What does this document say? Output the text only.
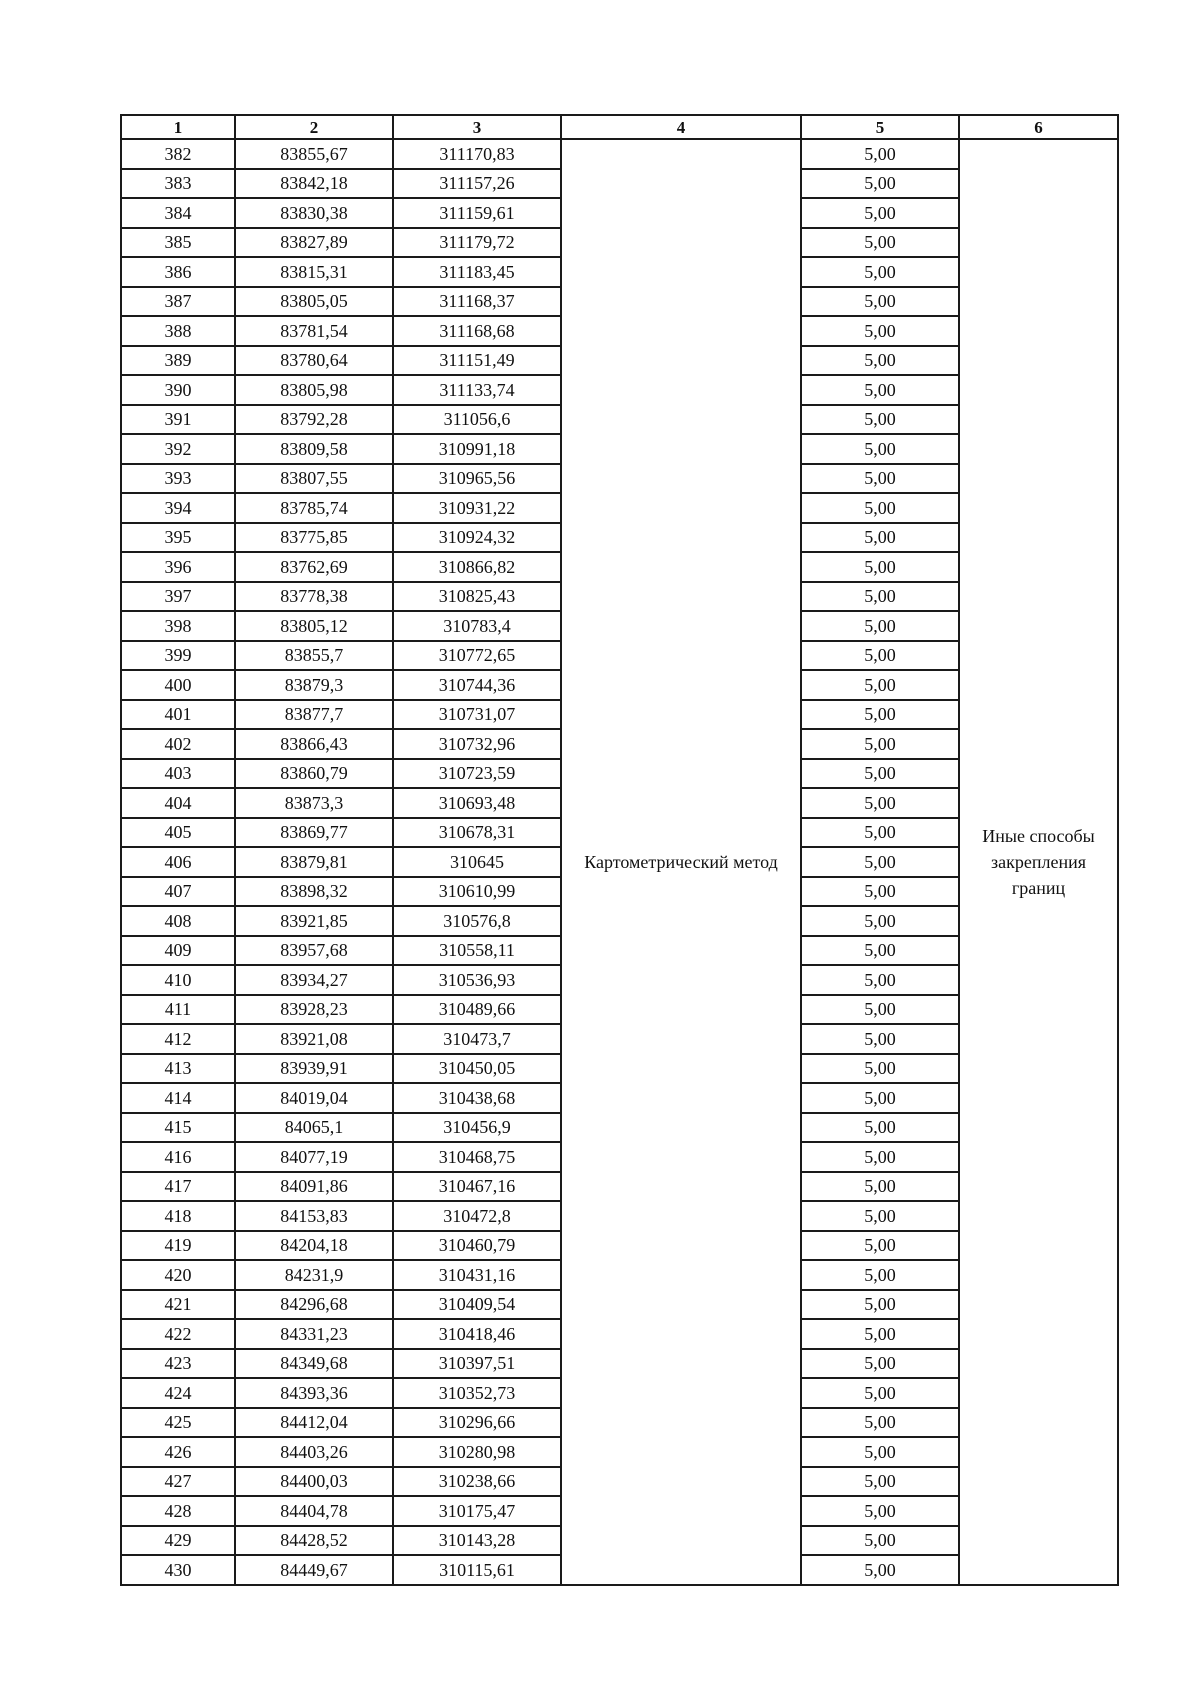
1	2	3	4	5	6
382	83855,67	311170,83	Картометрический метод	5,00	Иные способы закрепления границ
383	83842,18	311157,26		5,00	
384	83830,38	311159,61		5,00	
385	83827,89	311179,72		5,00	
386	83815,31	311183,45		5,00	
387	83805,05	311168,37		5,00	
388	83781,54	311168,68		5,00	
389	83780,64	311151,49		5,00	
390	83805,98	311133,74		5,00	
391	83792,28	311056,6		5,00	
392	83809,58	310991,18		5,00	
393	83807,55	310965,56		5,00	
394	83785,74	310931,22		5,00	
395	83775,85	310924,32		5,00	
396	83762,69	310866,82		5,00	
397	83778,38	310825,43		5,00	
398	83805,12	310783,4		5,00	
399	83855,7	310772,65		5,00	
400	83879,3	310744,36		5,00	
401	83877,7	310731,07		5,00	
402	83866,43	310732,96		5,00	
403	83860,79	310723,59		5,00	
404	83873,3	310693,48		5,00	
405	83869,77	310678,31		5,00	
406	83879,81	310645		5,00	
407	83898,32	310610,99		5,00	
408	83921,85	310576,8		5,00	
409	83957,68	310558,11		5,00	
410	83934,27	310536,93		5,00	
411	83928,23	310489,66		5,00	
412	83921,08	310473,7		5,00	
413	83939,91	310450,05		5,00	
414	84019,04	310438,68		5,00	
415	84065,1	310456,9		5,00	
416	84077,19	310468,75		5,00	
417	84091,86	310467,16		5,00	
418	84153,83	310472,8		5,00	
419	84204,18	310460,79		5,00	
420	84231,9	310431,16		5,00	
421	84296,68	310409,54		5,00	
422	84331,23	310418,46		5,00	
423	84349,68	310397,51		5,00	
424	84393,36	310352,73		5,00	
425	84412,04	310296,66		5,00	
426	84403,26	310280,98		5,00	
427	84400,03	310238,66		5,00	
428	84404,78	310175,47		5,00	
429	84428,52	310143,28		5,00	
430	84449,67	310115,61		5,00	
